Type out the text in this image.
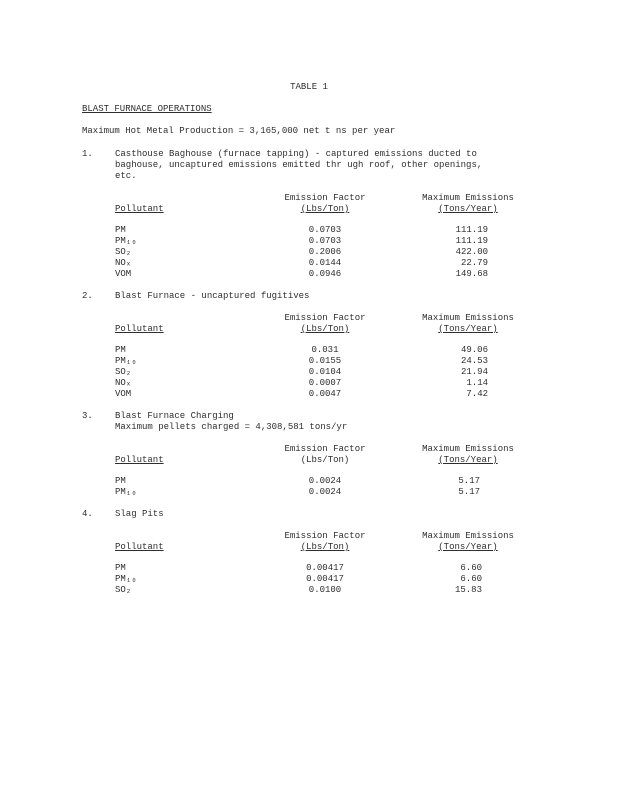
TABLE 1
BLAST FURNACE OPERATIONS
Maximum Hot Metal Production = 3,165,000 net t ns per year
1. Casthouse Baghouse (furnace tapping) - captured emissions ducted to
baghouse, uncaptured emissions emitted thr ugh roof, other openings,
etc.
Emission Factor	Maximum Emissions
Pollutant	(Lbs/Ton)	(Tons/Year)
PM	0.0703	111.19
PM₁₀	0.0703	111.19
SO₂	0.2006	422.00
NOₓ	0.0144	22.79
VOM	0.0946	149.68
2. Blast Furnace - uncaptured fugitives
Emission Factor	Maximum Emissions
Pollutant	(Lbs/Ton)	(Tons/Year)
PM	0.031	49.06
PM₁₀	0.0155	24.53
SO₂	0.0104	21.94
NOₓ	0.0007	1.14
VOM	0.0047	7.42
3. Blast Furnace Charging
Maximum pellets charged = 4,308,581 tons/yr
Emission Factor	Maximum Emissions
Pollutant	(Lbs/Ton)	(Tons/Year)
PM	0.0024	5.17
PM₁₀	0.0024	5.17
4. Slag Pits
Emission Factor	Maximum Emissions
Pollutant	(Lbs/Ton)	(Tons/Year)
PM	0.00417	6.60
PM₁₀	0.00417	6.60
SO₂	0.0100	15.83
